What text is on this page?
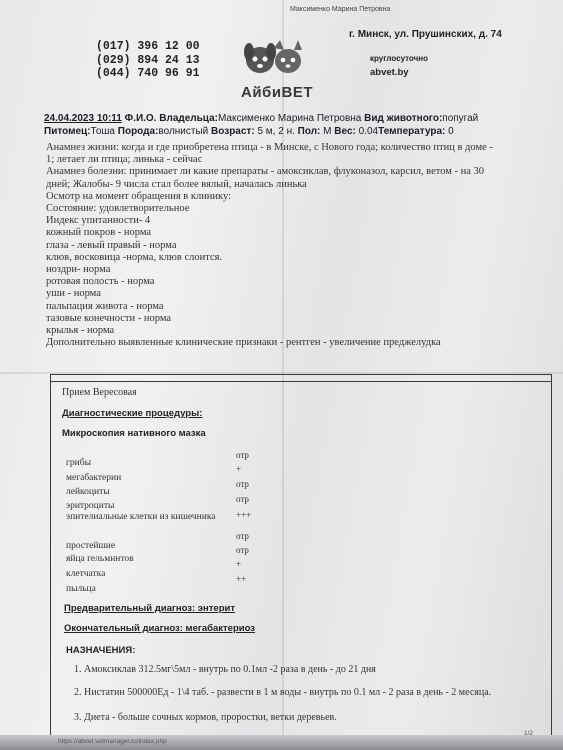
Максименко Марина Петровна
(017) 396 12 00
(029) 894 24 13
(044) 740 96 91
АйбиВЕТ
г. Минск, ул. Прушинских, д. 74
круглосуточно
abvet.by
24.04.2023 10:11 Ф.И.О. Владельца:Максименко Марина Петровна Вид животного:попугай
Питомец:Тоша Порода:волнистый Возраст: 5 м, 2 н. Пол: М Вес: 0.04Температура: 0
Анамнез жизни: когда и где приобретена птица - в Минске, с Нового года; количество птиц в доме -
1; летает ли птица; линька - сейчас
Анамнез болезни: принимает ли какие препараты - амоксиклав, флуконазол, карсил, ветом - на 30
дней; Жалобы- 9 числа стал более вялый, началась линька
Осмотр на момент обращения в клинику:
Состояние: удовлетворительное
Индекс упитанности- 4
кожный покров - норма
глаза - левый правый - норма
клюв, восковица -норма, клюв слоится.
ноздри- норма
ротовая полость - норма
уши - норма
пальпация живота - норма
тазовые конечности - норма
крылья - норма
Дополнительно выявленные клинические признаки - рентген - увеличение преджелудка
Прием Вересовая
Диагностические процедуры:
Микроскопия нативного мазка
грибы
отр
мегабактерии
+
лейкоциты
отр
эритроциты
отр
эпителиальные клетки из кишечника	+++
простейшие
отр
яйца гельминтов
отр
клетчатка
+
пыльца
++
Предварительный диагноз: энтерит
Окончательный диагноз: мегабактериоз
НАЗНАЧЕНИЯ:
1. Амоксиклав 312.5мг\5мл - внутрь по 0.1мл -2 раза в день - до 21 дня
2. Нистатин 500000Ед - 1\4 таб. - развести в 1 м воды - внутрь по 0.1 мл - 2 раза в день - 2 месяца.
3. Диета - больше сочных кормов, проростки, ветки деревьев.
https://abvet.vetmanager.ru/index.php
1/2
